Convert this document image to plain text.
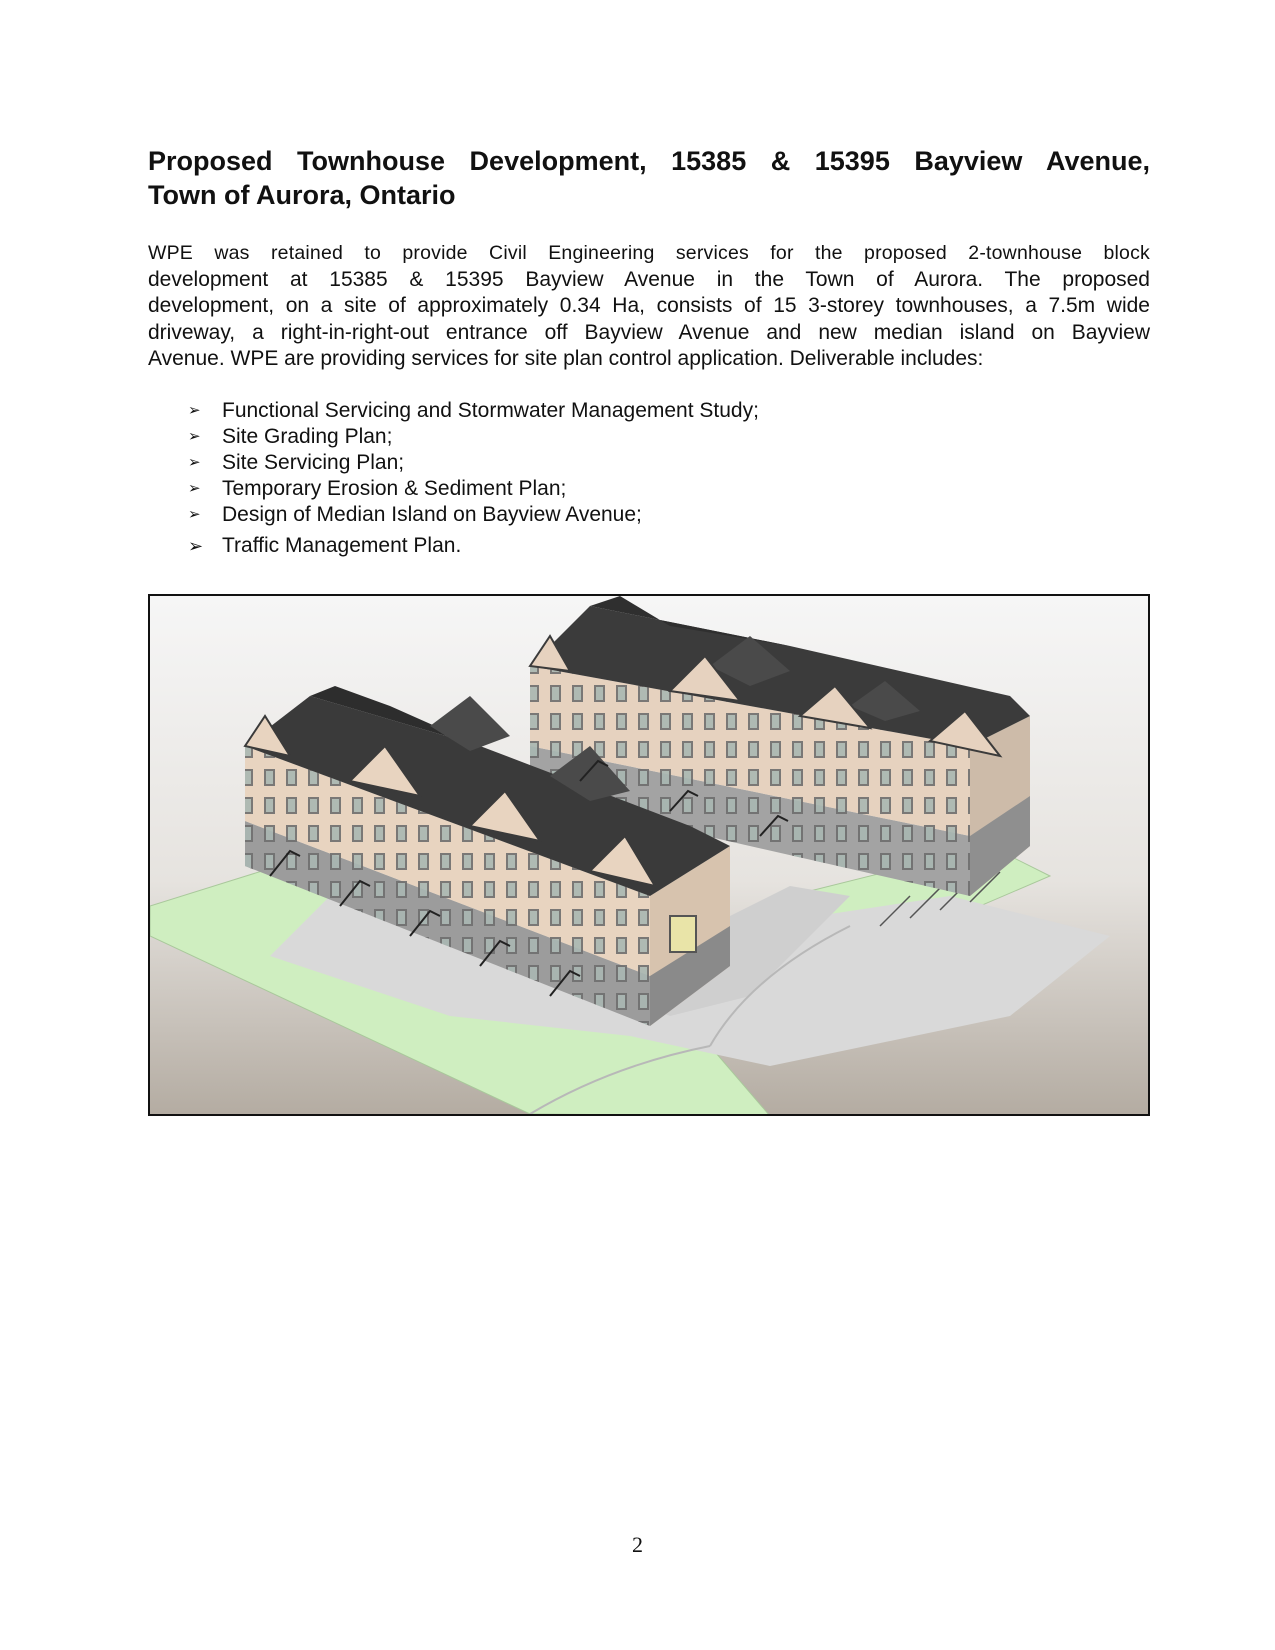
Proposed Townhouse Development, 15385 & 15395 Bayview Avenue,
Town of Aurora, Ontario

WPE was retained to provide Civil Engineering services for the proposed 2-townhouse block
development at 15385 & 15395 Bayview Avenue in the Town of Aurora. The proposed
development, on a site of approximately 0.34 Ha, consists of 15 3-storey townhouses, a 7.5m wide
driveway, a right-in-right-out entrance off Bayview Avenue and new median island on Bayview
Avenue. WPE are providing services for site plan control application. Deliverable includes:

➢	Functional Servicing and Stormwater Management Study;
➢	Site Grading Plan;
➢	Site Servicing Plan;
➢	Temporary Erosion & Sediment Plan;
➢	Design of Median Island on Bayview Avenue;
➢ Traffic Management Plan.
2
